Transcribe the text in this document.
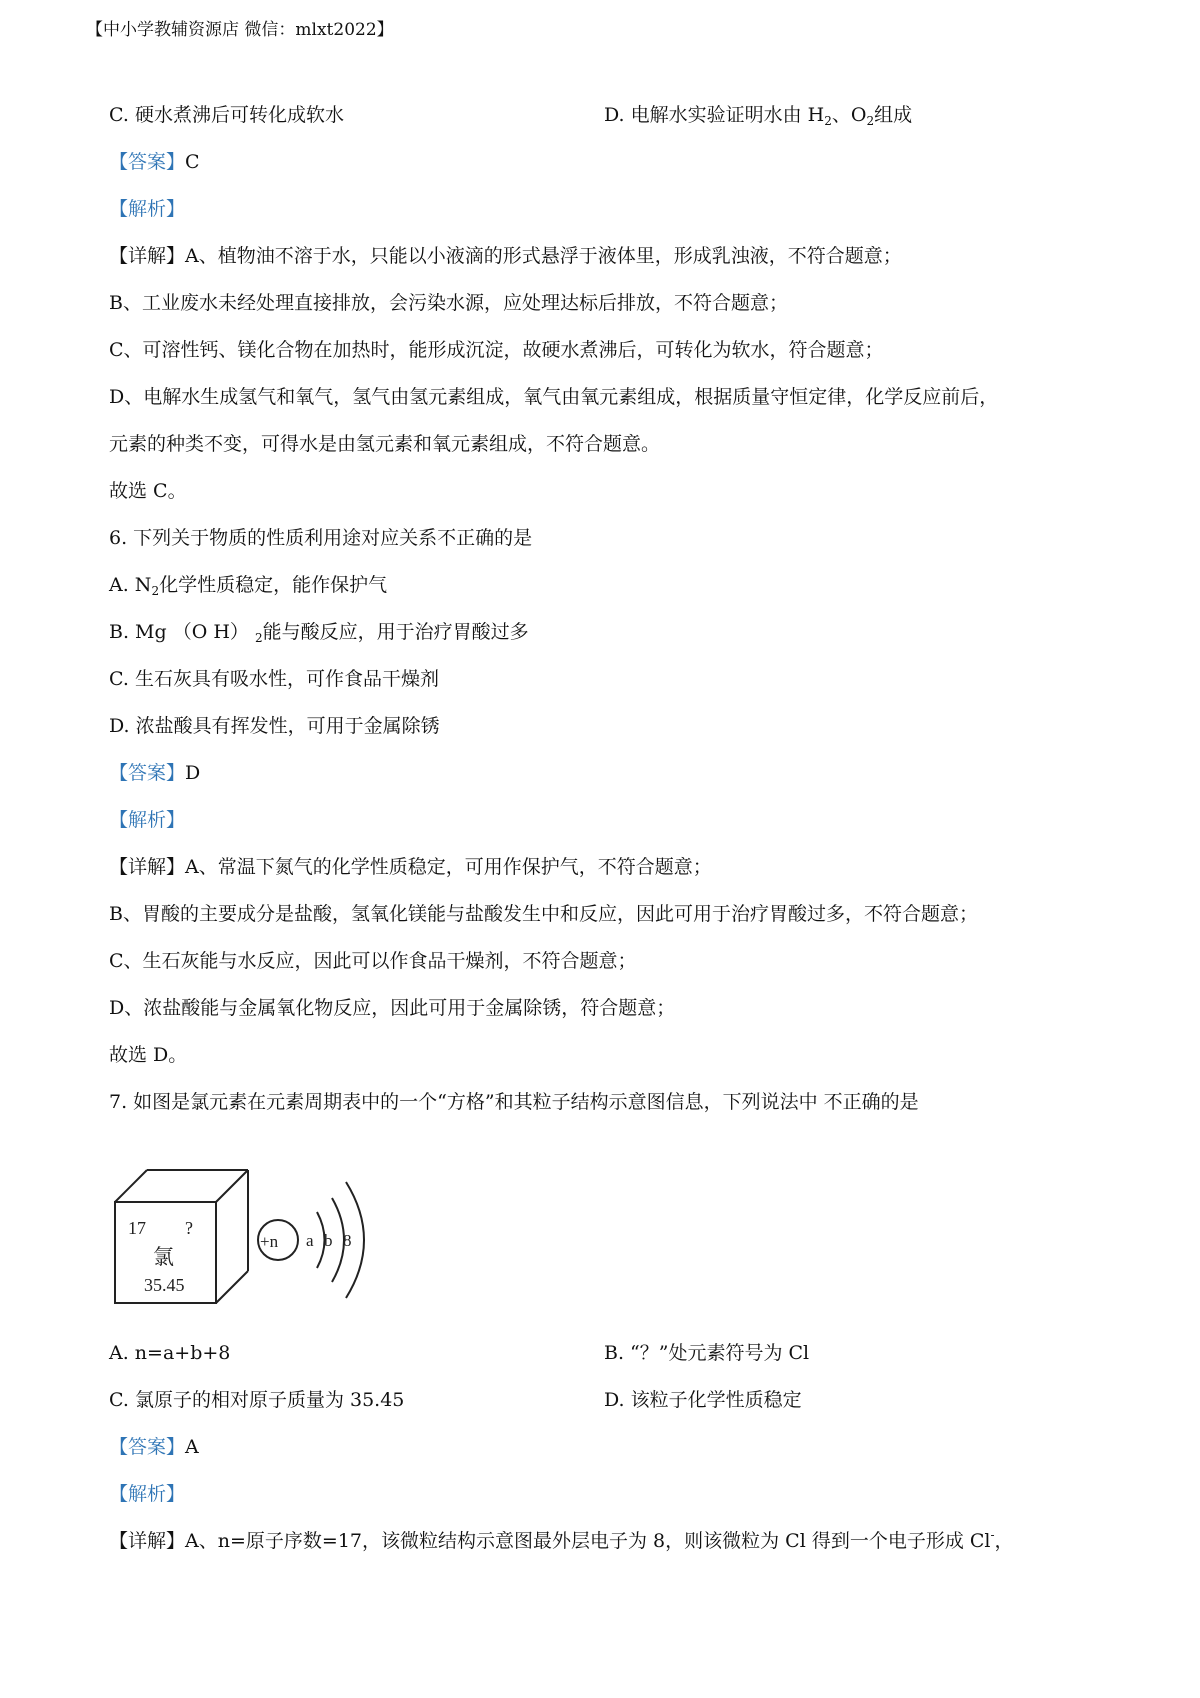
【中小学教辅资源店 微信：mlxt2022】
C. 硬水煮沸后可转化成软水	D. 电解水实验证明水由 $H_2$、$O_2$组成
【答案】C
【解析】
【详解】A、植物油不溶于水，只能以小液滴的形式悬浮于液体里，形成乳浊液，不符合题意；
B、工业废水未经处理直接排放，会污染水源，应处理达标后排放，不符合题意；
C、可溶性钙、镁化合物在加热时，能形成沉淀，故硬水煮沸后，可转化为软水，符合题意；
D、电解水生成氢气和氧气，氢气由氢元素组成，氧气由氧元素组成，根据质量守恒定律，化学反应前后，
元素的种类不变，可得水是由氢元素和氧元素组成，不符合题意。
故选 C。
6. 下列关于物质的性质利用途对应关系不正确的是
A. $N_2$化学性质稳定，能作保护气
B. Mg （O H） $_2$能与酸反应，用于治疗胃酸过多
C. 生石灰具有吸水性，可作食品干燥剂
D. 浓盐酸具有挥发性，可用于金属除锈
【答案】D
【解析】
【详解】A、常温下氮气的化学性质稳定，可用作保护气，不符合题意；
B、胃酸的主要成分是盐酸，氢氧化镁能与盐酸发生中和反应，因此可用于治疗胃酸过多，不符合题意；
C、生石灰能与水反应，因此可以作食品干燥剂，不符合题意；
D、浓盐酸能与金属氧化物反应，因此可用于金属除锈，符合题意；
故选 D。
7. 如图是氯元素在元素周期表中的一个“方格”和其粒子结构示意图信息，下列说法中 不正确的是
17 ?
氯
35.45
+n a b 8
A. n=a+b+8	B. “？”处元素符号为 Cl
C. 氯原子的相对原子质量为 35.45	D. 该粒子化学性质稳定
【答案】A
【解析】
【详解】A、n=原子序数=17，该微粒结构示意图最外层电子为 8，则该微粒为 Cl 得到一个电子形成 Cl-，
